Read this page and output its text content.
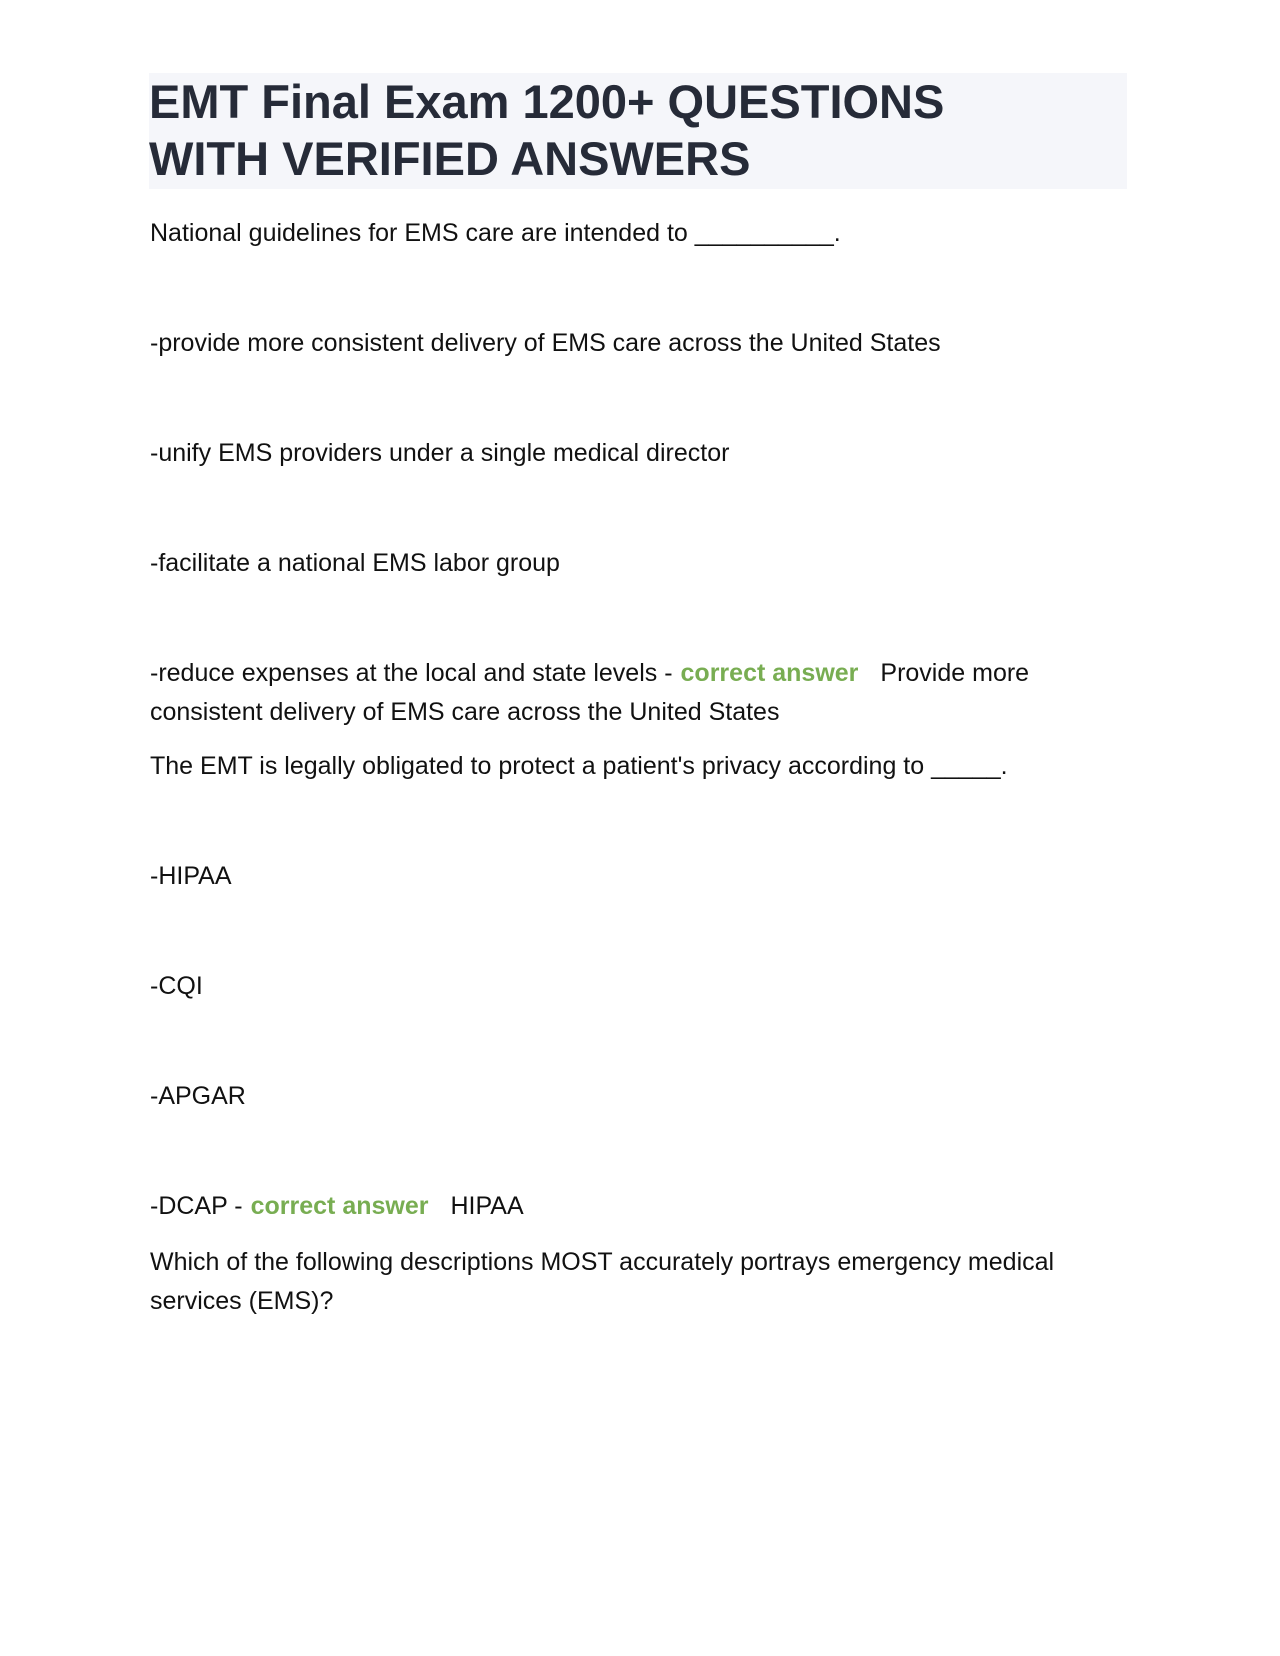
EMT Final Exam 1200+ QUESTIONS
WITH VERIFIED ANSWERS

National guidelines for EMS care are intended to __________.

-provide more consistent delivery of EMS care across the United States

-unify EMS providers under a single medical director

-facilitate a national EMS labor group

-reduce expenses at the local and state levels - correct answer Provide more consistent delivery of EMS care across the United States

The EMT is legally obligated to protect a patient's privacy according to _____.

-HIPAA

-CQI

-APGAR

-DCAP - correct answer HIPAA

Which of the following descriptions MOST accurately portrays emergency medical services (EMS)?
